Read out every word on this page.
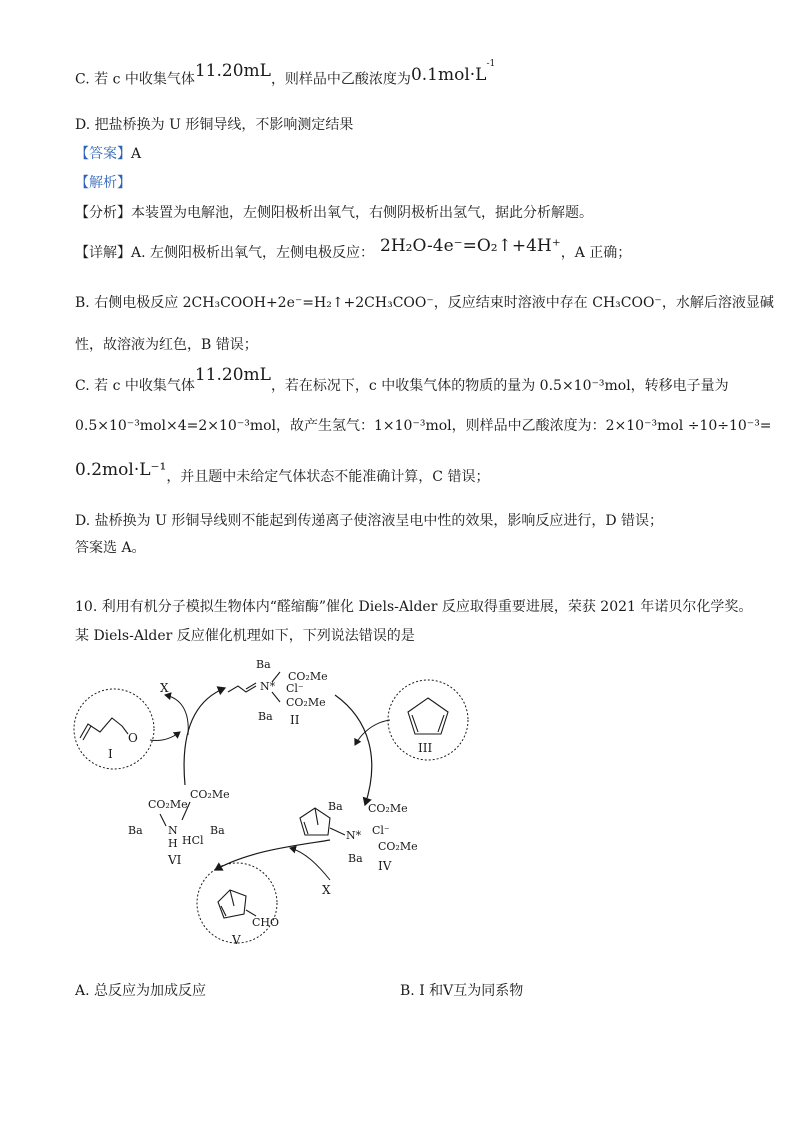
C. 若 c 中收集气体11.20mL，则样品中乙酸浓度为$0.1mol\cdot L^{-1}$
D. 把盐桥换为 U 形铜导线，不影响测定结果
【答案】A
【解析】
【分析】本装置为电解池，左侧阳极析出氧气，右侧阴极析出氢气，据此分析解题。
【详解】A. 左侧阳极析出氧气，左侧电极反应： 2H₂O-4e⁻=O₂↑+4H⁺，A 正确；
B. 右侧电极反应 2CH₃COOH+2e⁻=H₂↑+2CH₃COO⁻，反应结束时溶液中存在 CH₃COO⁻，水解后溶液显碱
性，故溶液为红色，B 错误；
C. 若 c 中收集气体11.20mL，若在标况下，c 中收集气体的物质的量为 0.5×10⁻³mol，转移电子量为
0.5×10⁻³mol×4=2×10⁻³mol，故产生氢气：1×10⁻³mol，则样品中乙酸浓度为：2×10⁻³mol ÷10÷10⁻³=
0.2mol·L⁻¹，并且题中未给定气体状态不能准确计算，C 错误；
D. 盐桥换为 U 形铜导线则不能起到传递离子使溶液呈电中性的效果，影响反应进行，D 错误；
答案选 A。
10. 利用有机分子模拟生物体内“醛缩酶”催化 Diels-Alder 反应取得重要进展，荣获 2021 年诺贝尔化学奖。
某 Diels-Alder 反应催化机理如下，下列说法错误的是
X
X
O
I
N*
Ba
CO₂Me
Cl⁻
CO₂Me
Ba II
III
N*
Ba CO₂Me
Cl⁻
CO₂Me
Ba
IV
CO₂Me
CO₂Me
Ba N
H HCl
Ba
VI
CHO
V
A. 总反应为加成反应	B. I 和V互为同系物
